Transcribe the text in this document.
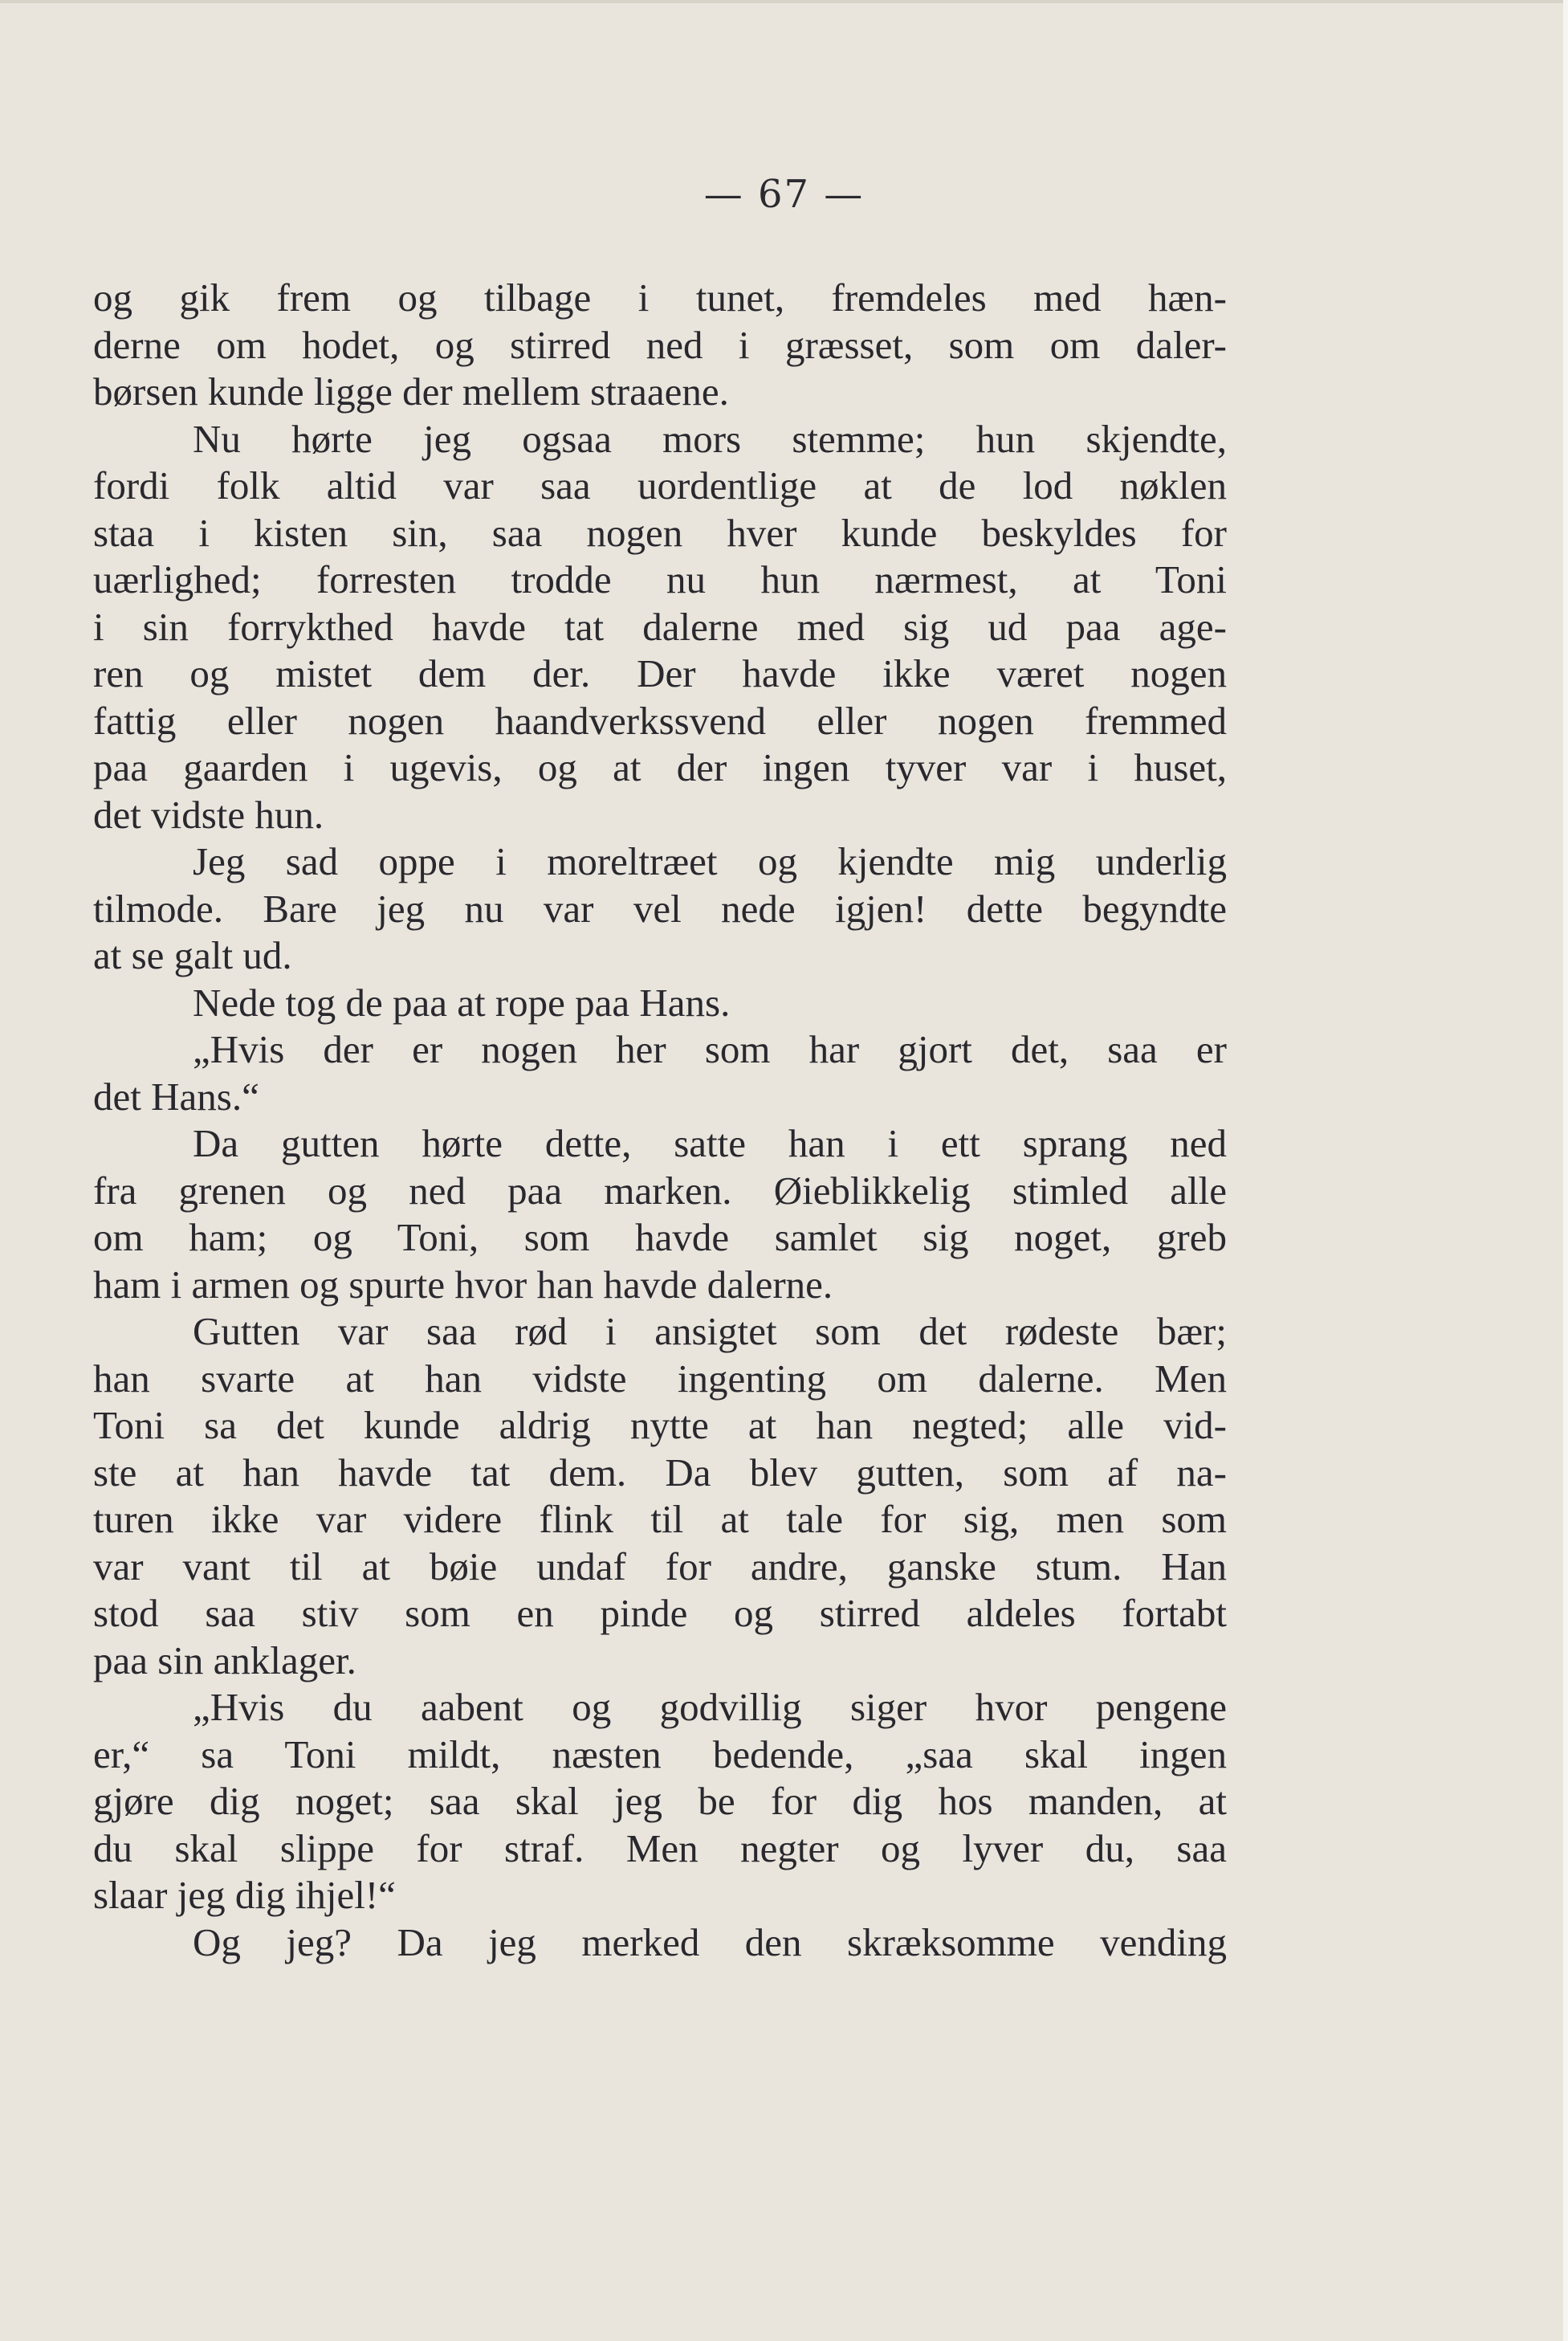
— 67 —
og gik frem og tilbage i tunet, fremdeles med hæn-
derne om hodet, og stirred ned i græsset, som om daler-
børsen kunde ligge der mellem straaene.
Nu hørte jeg ogsaa mors stemme; hun skjendte,
fordi folk altid var saa uordentlige at de lod nøklen
staa i kisten sin, saa nogen hver kunde beskyldes for
uærlighed; forresten trodde nu hun nærmest, at Toni
i sin forrykthed havde tat dalerne med sig ud paa age-
ren og mistet dem der. Der havde ikke været nogen
fattig eller nogen haandverkssvend eller nogen fremmed
paa gaarden i ugevis, og at der ingen tyver var i huset,
det vidste hun.
Jeg sad oppe i moreltræet og kjendte mig underlig
tilmode. Bare jeg nu var vel nede igjen! dette begyndte
at se galt ud.
Nede tog de paa at rope paa Hans.
„Hvis der er nogen her som har gjort det, saa er
det Hans.“
Da gutten hørte dette, satte han i ett sprang ned
fra grenen og ned paa marken. Øieblikkelig stimled alle
om ham; og Toni, som havde samlet sig noget, greb
ham i armen og spurte hvor han havde dalerne.
Gutten var saa rød i ansigtet som det rødeste bær;
han svarte at han vidste ingenting om dalerne. Men
Toni sa det kunde aldrig nytte at han negted; alle vid-
ste at han havde tat dem. Da blev gutten, som af na-
turen ikke var videre flink til at tale for sig, men som
var vant til at bøie undaf for andre, ganske stum. Han
stod saa stiv som en pinde og stirred aldeles fortabt
paa sin anklager.
„Hvis du aabent og godvillig siger hvor pengene
er,“ sa Toni mildt, næsten bedende, „saa skal ingen
gjøre dig noget; saa skal jeg be for dig hos manden, at
du skal slippe for straf. Men negter og lyver du, saa
slaar jeg dig ihjel!“
Og jeg? Da jeg merked den skræksomme vending
